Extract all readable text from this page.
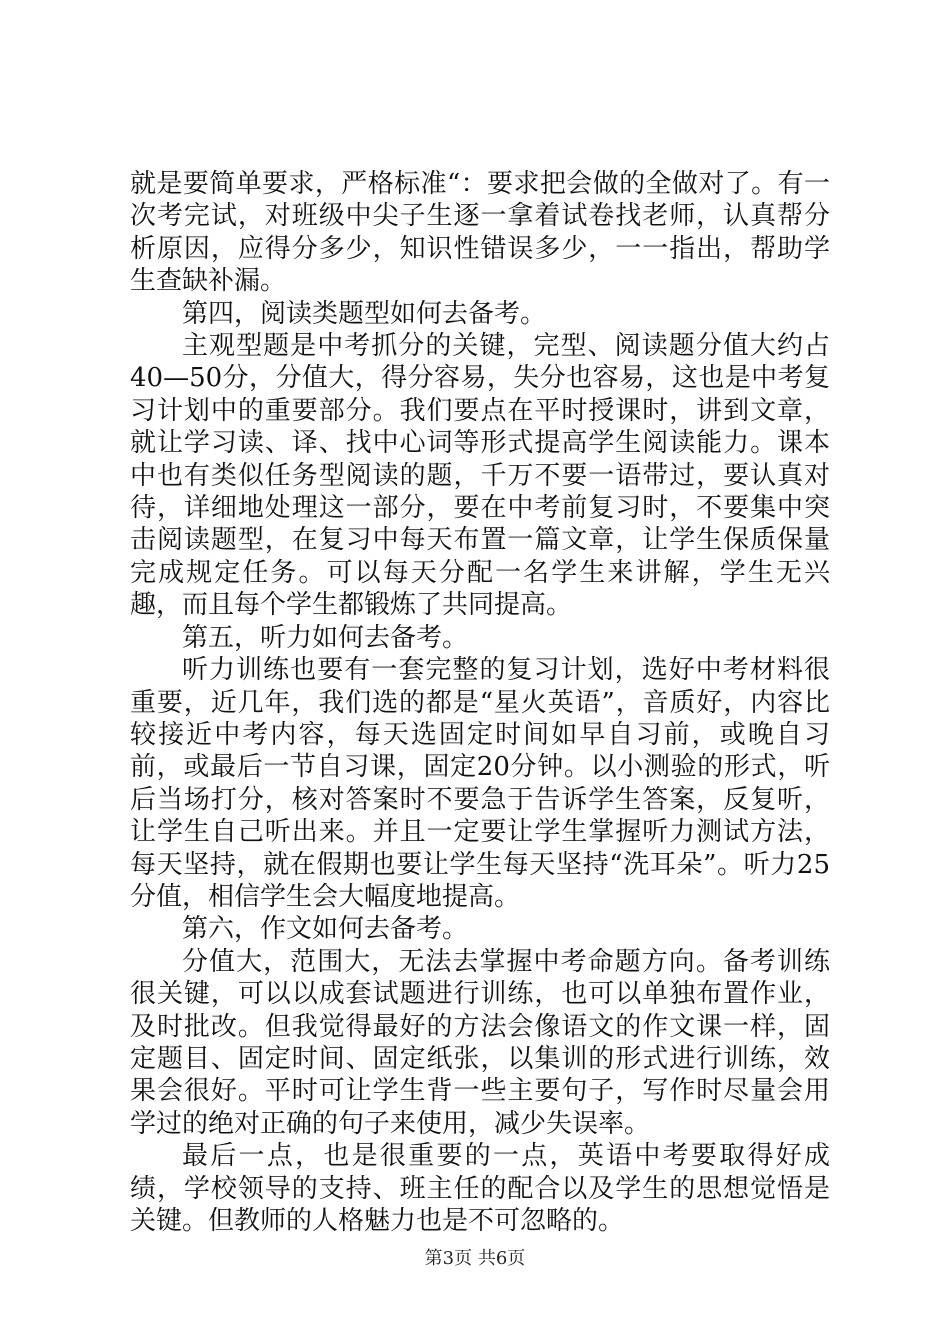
就是要简单要求，严格标准“：要求把会做的全做对了。有一次考完试，对班级中尖子生逐一拿着试卷找老师，认真帮分析原因，应得分多少，知识性错误多少，一一指出，帮助学生查缺补漏。

第四，阅读类题型如何去备考。

主观型题是中考抓分的关键，完型、阅读题分值大约占40—50分，分值大，得分容易，失分也容易，这也是中考复习计划中的重要部分。我们要点在平时授课时，讲到文章，就让学习读、译、找中心词等形式提高学生阅读能力。课本中也有类似任务型阅读的题，千万不要一语带过，要认真对待，详细地处理这一部分，要在中考前复习时，不要集中突击阅读题型，在复习中每天布置一篇文章，让学生保质保量完成规定任务。可以每天分配一名学生来讲解，学生无兴趣，而且每个学生都锻炼了共同提高。

第五，听力如何去备考。

听力训练也要有一套完整的复习计划，选好中考材料很重要，近几年，我们选的都是“星火英语”，音质好，内容比较接近中考内容，每天选固定时间如早自习前，或晚自习前，或最后一节自习课，固定20分钟。以小测验的形式，听后当场打分，核对答案时不要急于告诉学生答案，反复听，让学生自己听出来。并且一定要让学生掌握听力测试方法，每天坚持，就在假期也要让学生每天坚持“洗耳朵”。听力25分值，相信学生会大幅度地提高。

第六，作文如何去备考。

分值大，范围大，无法去掌握中考命题方向。备考训练很关键，可以以成套试题进行训练，也可以单独布置作业，及时批改。但我觉得最好的方法会像语文的作文课一样，固定题目、固定时间、固定纸张，以集训的形式进行训练，效果会很好。平时可让学生背一些主要句子，写作时尽量会用学过的绝对正确的句子来使用，减少失误率。

最后一点，也是很重要的一点，英语中考要取得好成绩，学校领导的支持、班主任的配合以及学生的思想觉悟是关键。但教师的人格魅力也是不可忽略的。

第3页 共6页
